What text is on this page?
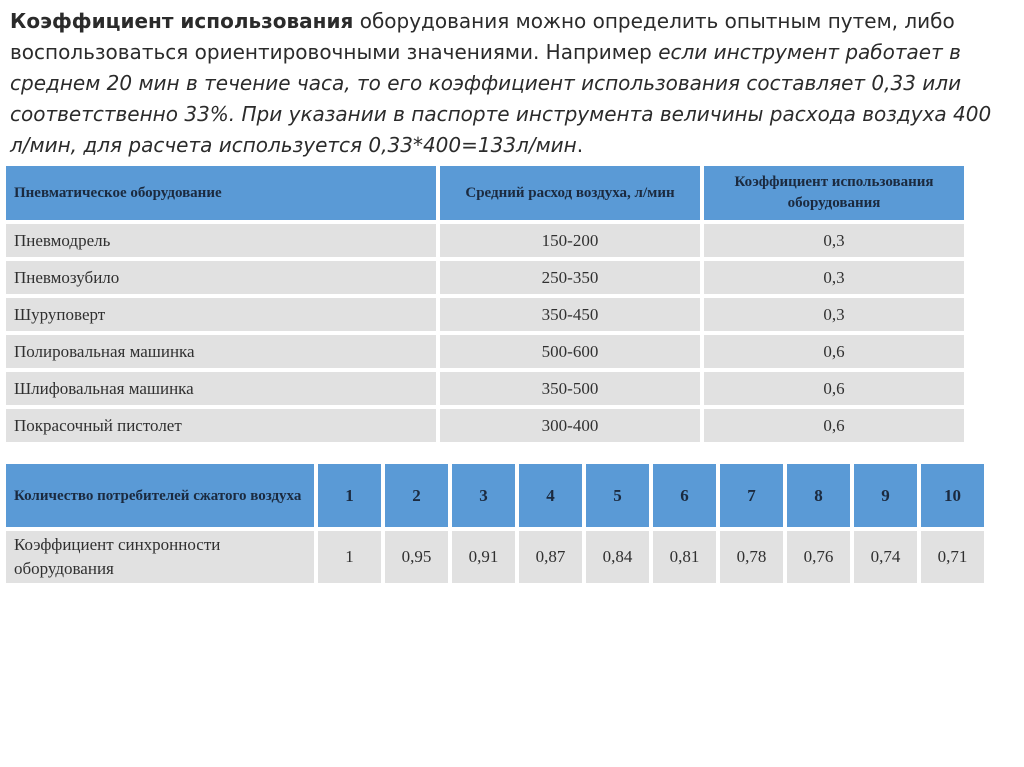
Коэффициент использования оборудования можно определить опытным путем, либо воспользоваться ориентировочными значениями. Например если инструмент работает в среднем 20 мин в течение часа, то его коэффициент использования составляет 0,33 или соответственно 33%. При указании в паспорте инструмента величины расхода воздуха 400 л/мин, для расчета используется 0,33*400=133л/мин.
Пневматическое оборудование	Средний расход воздуха, л/мин	Коэффициент использования оборудования
Пневмодрель	150-200	0,3
Пневмозубило	250-350	0,3
Шуруповерт	350-450	0,3
Полировальная машинка	500-600	0,6
Шлифовальная машинка	350-500	0,6
Покрасочный пистолет	300-400	0,6
Количество потребителей сжатого воздуха	1	2	3	4	5	6	7	8	9	10
Коэффициент синхронности оборудования	1	0,95	0,91	0,87	0,84	0,81	0,78	0,76	0,74	0,71
